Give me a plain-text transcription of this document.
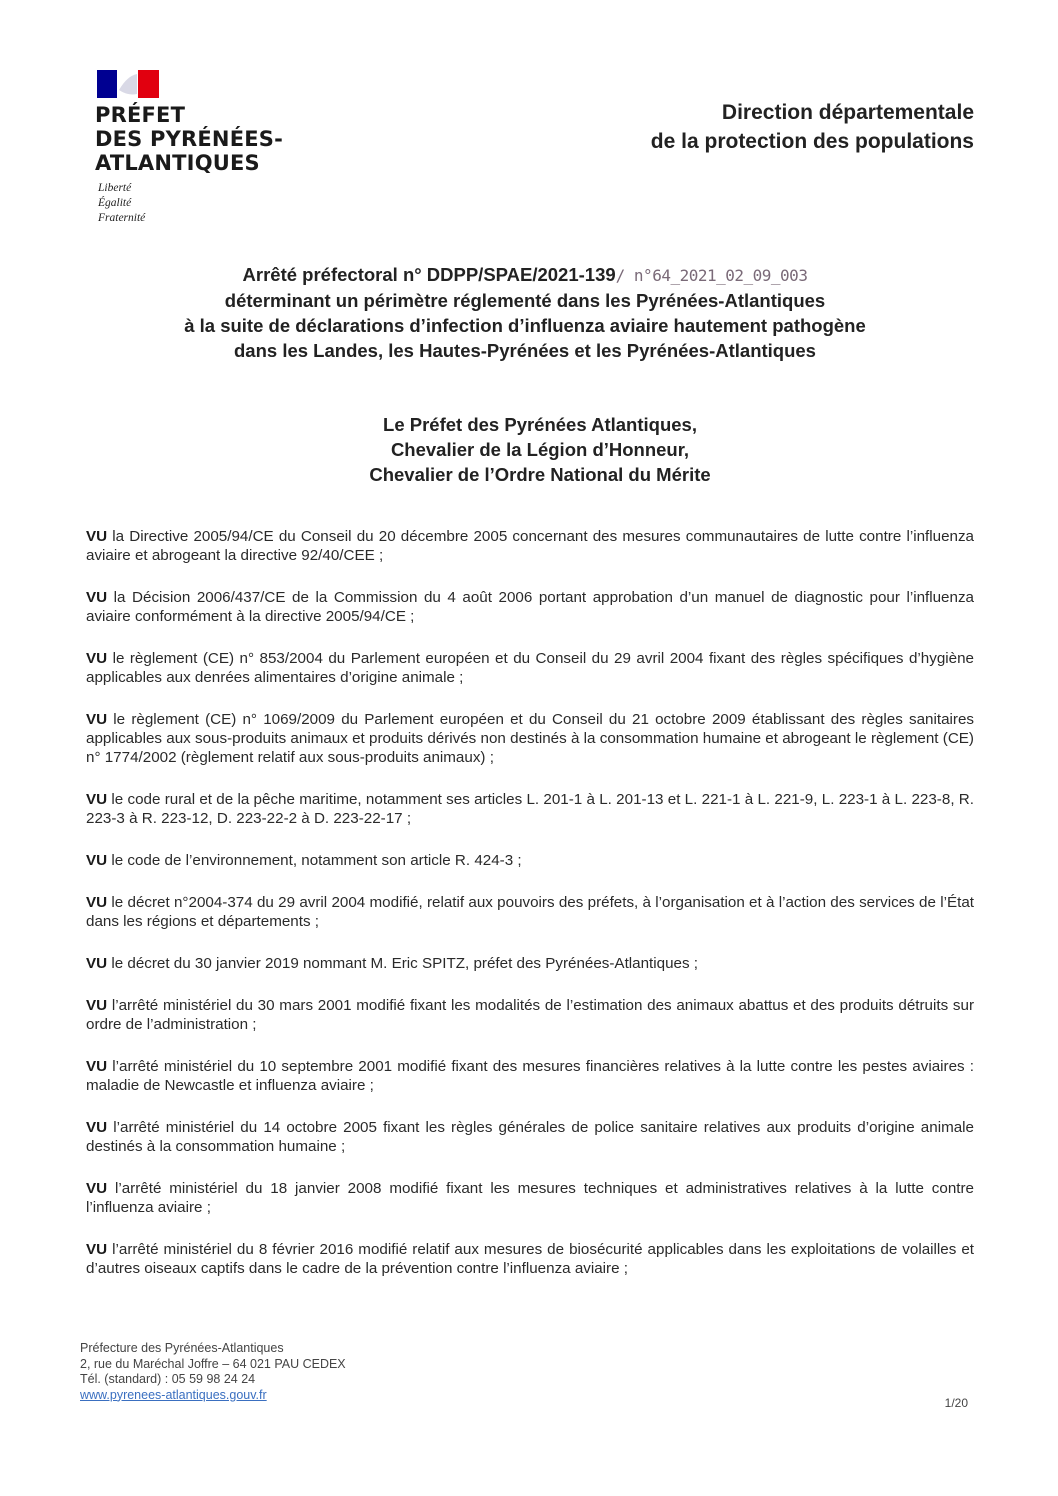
PRÉFET
DES PYRÉNÉES-
ATLANTIQUES
Liberté
Égalité
Fraternité
Direction départementale
de la protection des populations
Arrêté préfectoral n° DDPP/SPAE/2021-139/ n°64_2021_02_09_003
déterminant un périmètre réglementé dans les Pyrénées-Atlantiques
à la suite de déclarations d’infection d’influenza aviaire hautement pathogène
dans les Landes, les Hautes-Pyrénées et les Pyrénées-Atlantiques
Le Préfet des Pyrénées Atlantiques,
Chevalier de la Légion d’Honneur,
Chevalier de l’Ordre National du Mérite

VU la Directive 2005/94/CE du Conseil du 20 décembre 2005 concernant des mesures communautaires de lutte contre l’influenza aviaire et abrogeant la directive 92/40/CEE ;

VU la Décision 2006/437/CE de la Commission du 4 août 2006 portant approbation d’un manuel de diagnostic pour l’influenza aviaire conformément à la directive 2005/94/CE ;

VU le règlement (CE) n° 853/2004 du Parlement européen et du Conseil du 29 avril 2004 fixant des règles spécifiques d’hygiène applicables aux denrées alimentaires d’origine animale ;

VU le règlement (CE) n° 1069/2009 du Parlement européen et du Conseil du 21 octobre 2009 établissant des règles sanitaires applicables aux sous-produits animaux et produits dérivés non destinés à la consommation humaine et abrogeant le règlement (CE) n° 1774/2002 (règlement relatif aux sous-produits animaux) ;

VU le code rural et de la pêche maritime, notamment ses articles L. 201-1 à L. 201-13 et L. 221-1 à L. 221-9, L. 223-1 à L. 223-8, R. 223-3 à R. 223-12, D. 223-22-2 à D. 223-22-17 ;

VU le code de l’environnement, notamment son article R. 424-3 ;

VU le décret n°2004-374 du 29 avril 2004 modifié, relatif aux pouvoirs des préfets, à l’organisation et à l’action des services de l’État dans les régions et départements ;

VU le décret du 30 janvier 2019 nommant M. Eric SPITZ, préfet des Pyrénées-Atlantiques ;

VU l’arrêté ministériel du 30 mars 2001 modifié fixant les modalités de l’estimation des animaux abattus et des produits détruits sur ordre de l’administration ;

VU l’arrêté ministériel du 10 septembre 2001 modifié fixant des mesures financières relatives à la lutte contre les pestes aviaires : maladie de Newcastle et influenza aviaire ;

VU l’arrêté ministériel du 14 octobre 2005 fixant les règles générales de police sanitaire relatives aux produits d’origine animale destinés à la consommation humaine ;

VU l’arrêté ministériel du 18 janvier 2008 modifié fixant les mesures techniques et administratives relatives à la lutte contre l’influenza aviaire ;

VU l’arrêté ministériel du 8 février 2016 modifié relatif aux mesures de biosécurité applicables dans les exploitations de volailles et d’autres oiseaux captifs dans le cadre de la prévention contre l’influenza aviaire ;

Préfecture des Pyrénées-Atlantiques
2, rue du Maréchal Joffre – 64 021 PAU CEDEX
Tél. (standard) : 05 59 98 24 24
www.pyrenees-atlantiques.gouv.fr
1/20
